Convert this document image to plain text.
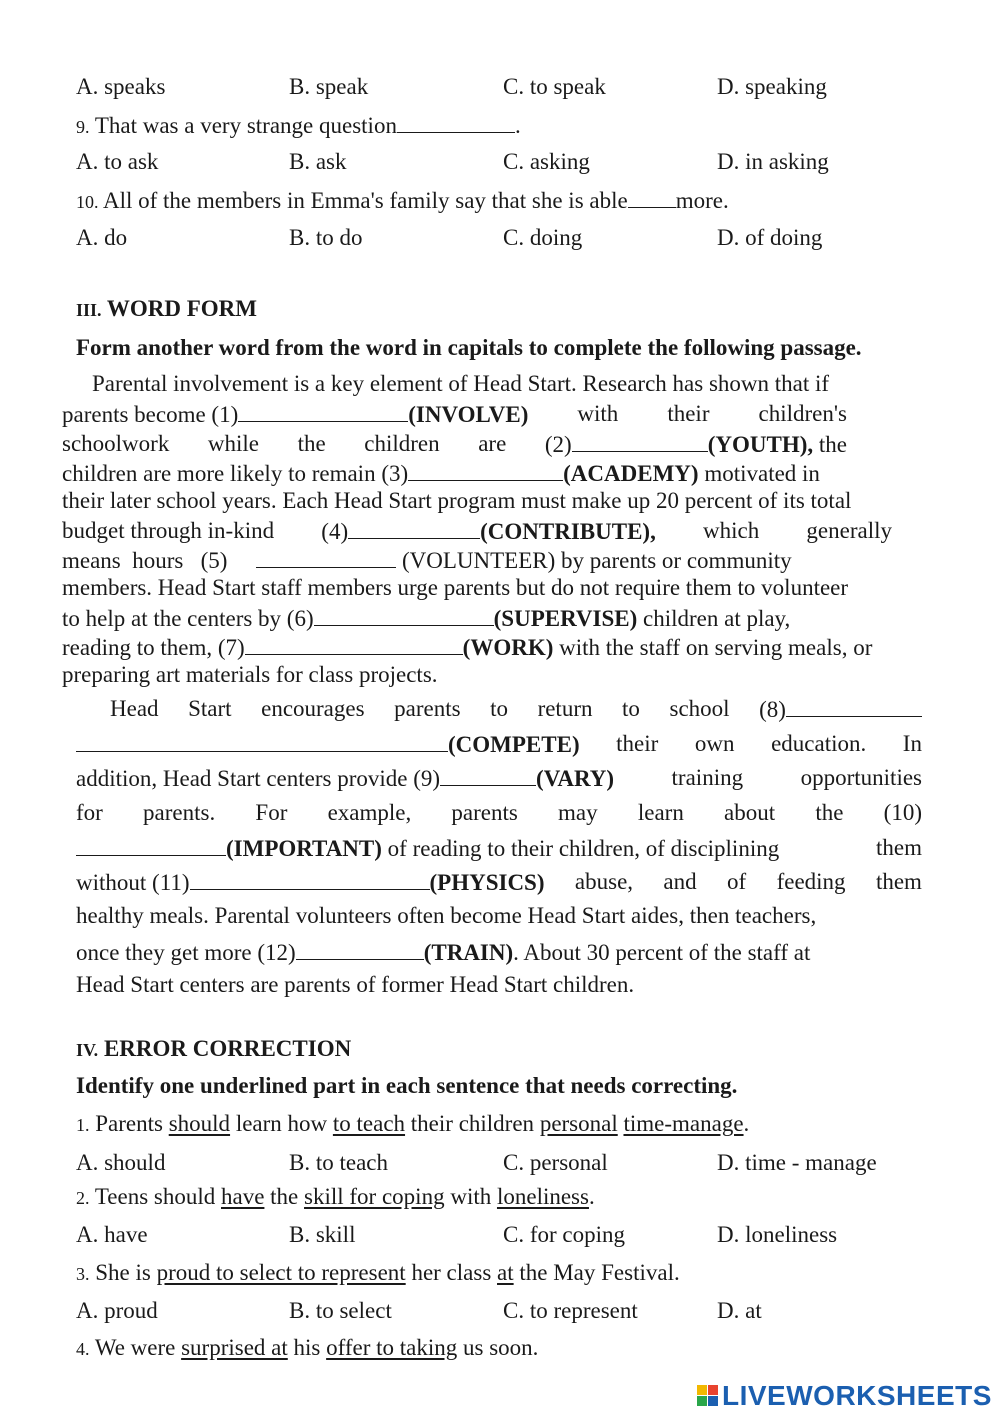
A. speaks	B. speak	C. to speak	D. speaking
9. That was a very strange question	.
A. to ask	B. ask	C. asking	D. in asking
10. All of the members in Emma's family say that she is able more.
A. do	B. to do	C. doing	D. of doing
III. WORD FORM
Form another word from the word in capitals to complete the following passage.
Parental involvement is a key element of Head Start. Research has shown that if
parents become (1)	(INVOLVE) with their children's
schoolwork while the children are (2)	(YOUTH), the
children are more likely to remain (3)	(ACADEMY) motivated in
their later school years. Each Head Start program must make up 20 percent of its total
budget through in-kind (4)	(CONTRIBUTE), which generally
means hours (5)	(VOLUNTEER) by parents or community
members. Head Start staff members urge parents but do not require them to volunteer
to help at the centers by (6)	(SUPERVISE) children at play,
reading to them, (7)	(WORK) with the staff on serving meals, or
preparing art materials for class projects.
Head Start encourages parents to return to school (8)
(COMPETE) their own education. In
addition, Head Start centers provide (9)	(VARY)	training	opportunities
for parents. For example, parents may learn about the (10)
(IMPORTANT) of reading to their children, of disciplining	them
without (11)	(PHYSICS) abuse, and of feeding them
healthy meals. Parental volunteers often become Head Start aides, then teachers,
once they get more (12)	(TRAIN). About 30 percent of the staff at
Head Start centers are parents of former Head Start children.
IV. ERROR CORRECTION
Identify one underlined part in each sentence that needs correcting.
1. Parents should learn how to teach their children personal time-manage.
A. should	B. to teach	C. personal	D. time - manage
2. Teens should have the skill for coping with loneliness.
A. have	B. skill	C. for coping	D. loneliness
3. She is proud to select to represent her class at the May Festival.
A. proud	B. to select	C. to represent	D. at
4. We were surprised at his offer to taking us soon.
LIVEWORKSHEETS
